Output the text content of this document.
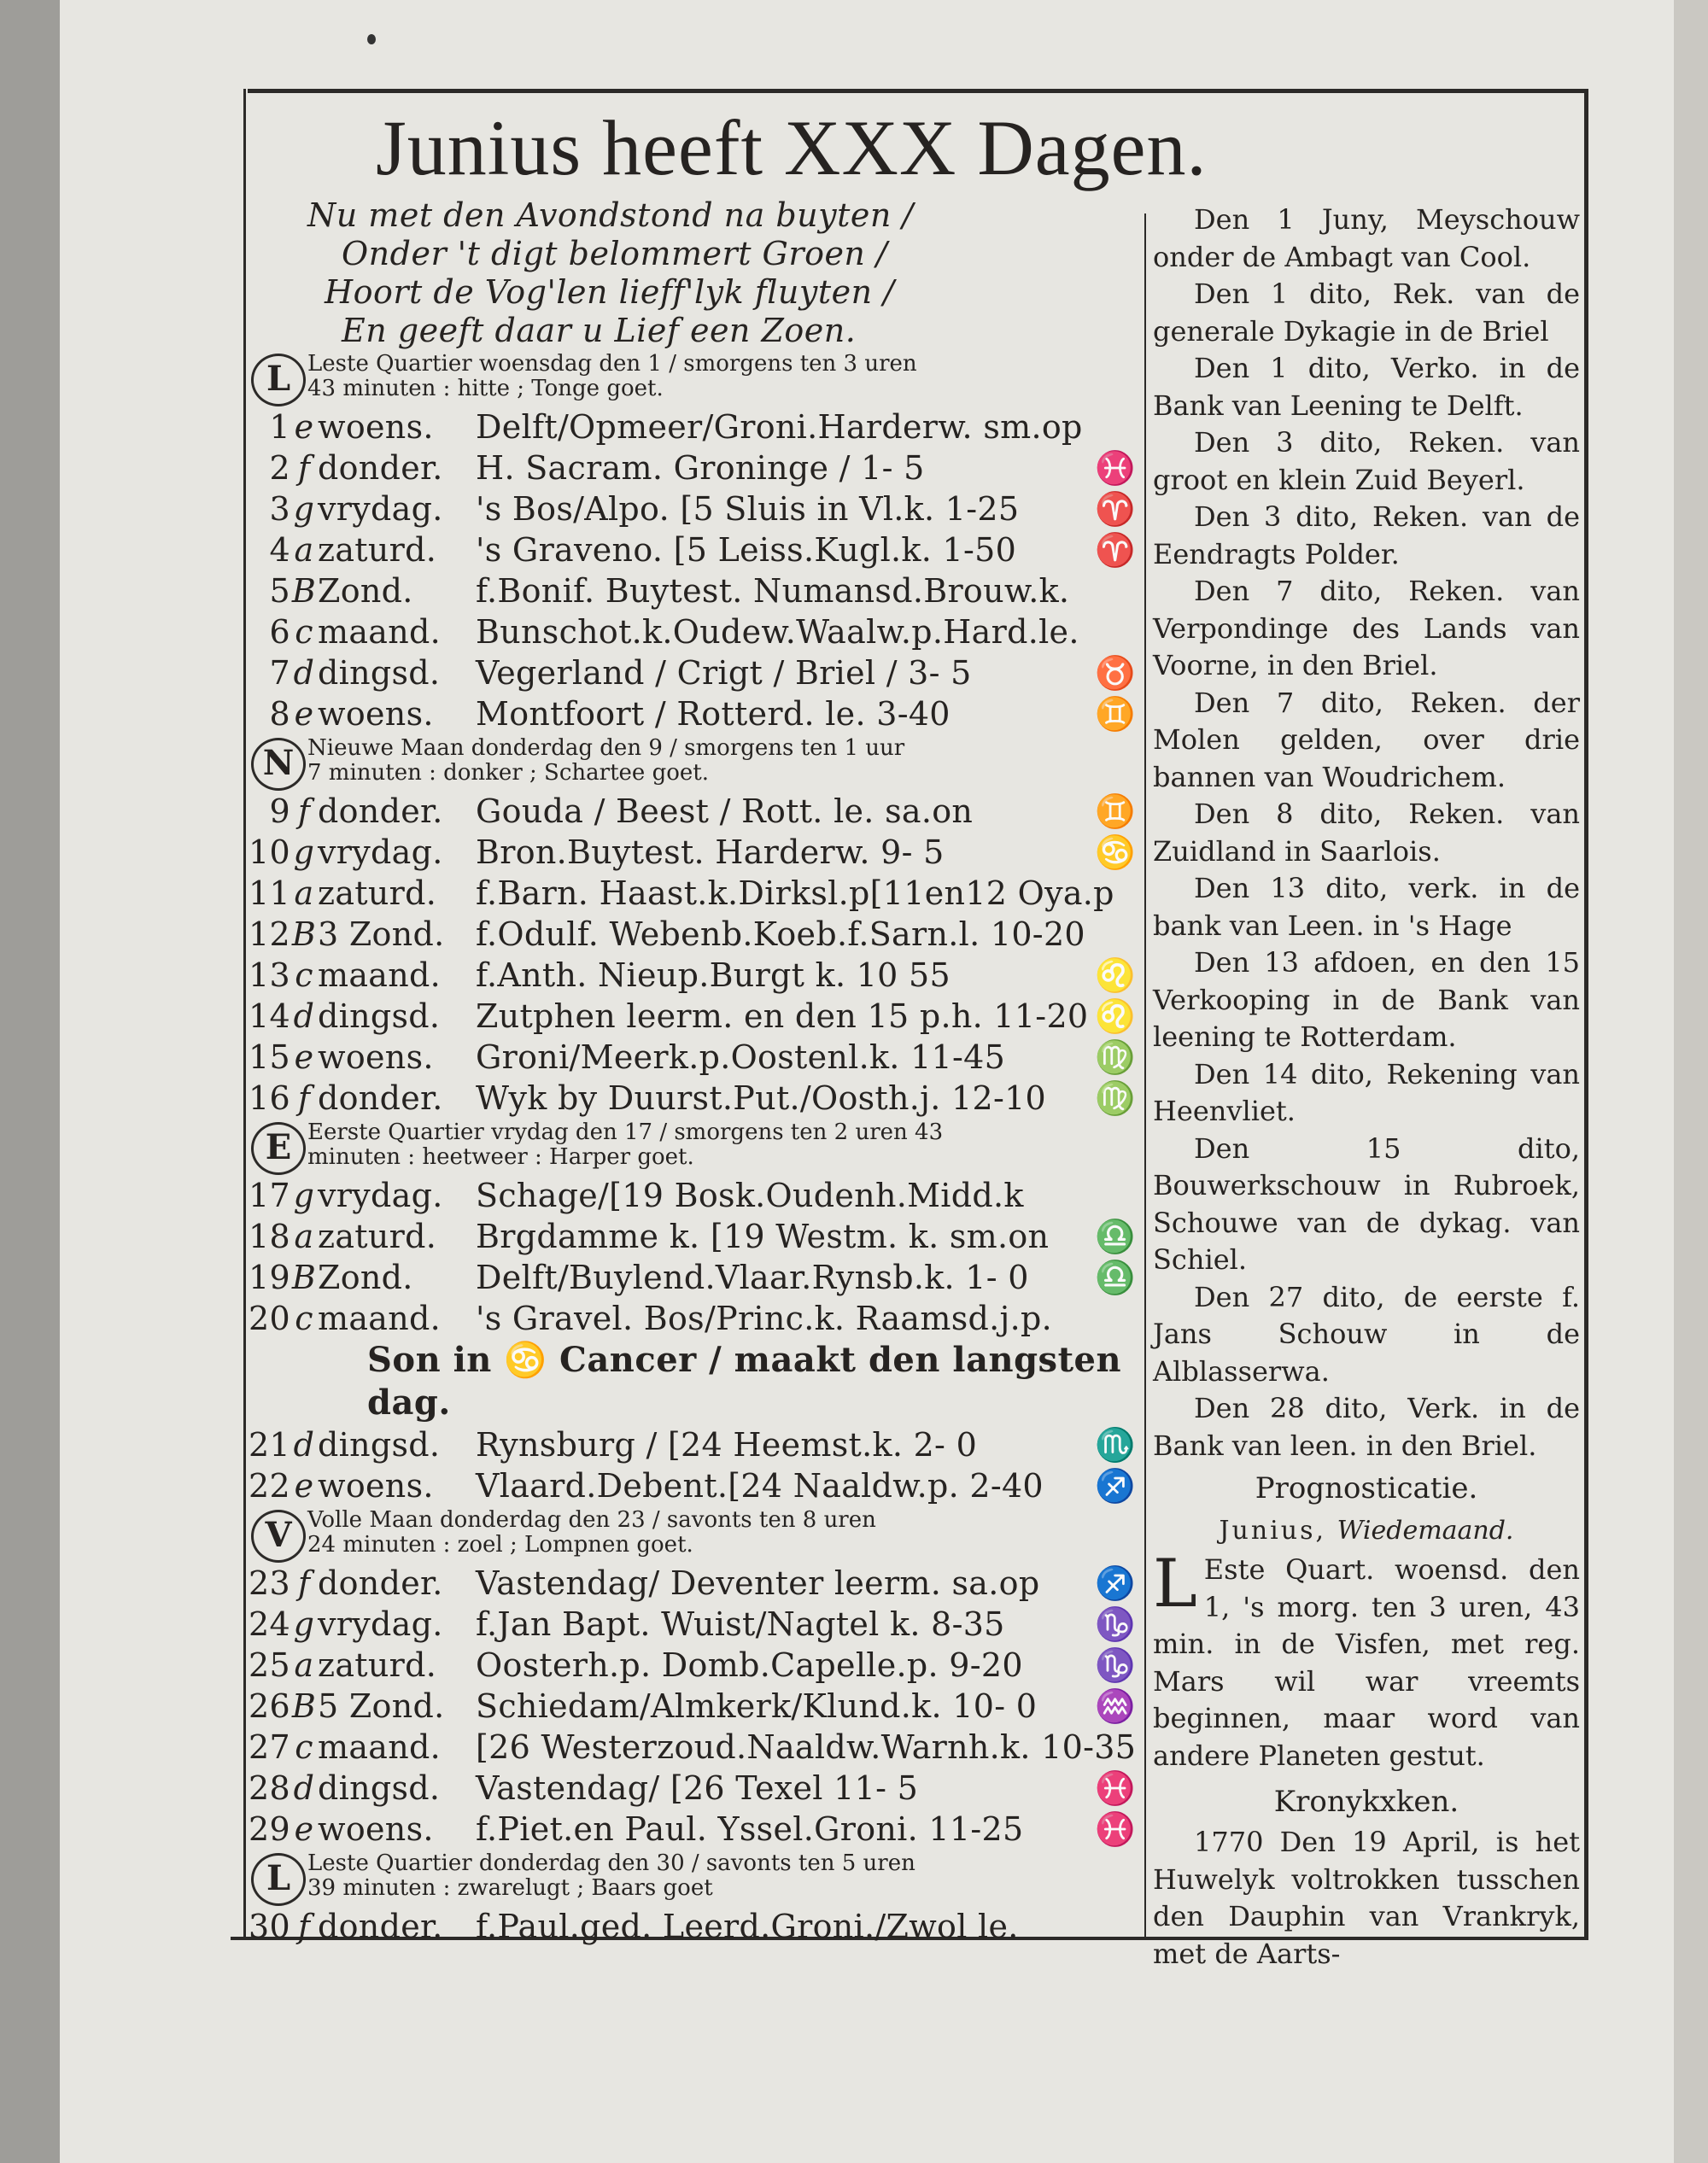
Junius heeft XXX Dagen.
Nu met den Avondstond na buyten /
Onder 't digt belommert Groen /
Hoort de Vog'len lieff'lyk fluyten /
En geeft daar u Lief een Zoen.
L Leste Quartier woensdag den 1 / smorgens ten 3 uren
43 minuten : hitte ; Tonge goet.
1 e woens. Delft/Opmeer/Groni.Harderw. sm.op
2 f donder. H. Sacram. Groninge / 1- 5	♓
3gvrydag. 's Bos/Alpo. [5 Sluis in Vl.k. 1-25 ♈
4 a zaturd. 's Graveno. [5 Leiss.Kugl.k. 1-50 ♈
5BZond. f.Bonif. Buytest. Numansd.Brouw.k.
6 c maand. Bunschot.k.Oudew.Waalw.p.Hard.le.
7ddingsd. Vegerland / Crigt / Briel / 3- 5	♉
8 e woens. Montfoort / Rotterd. le. 3-40	♊
N Nieuwe Maan donderdag den 9 / smorgens ten 1 uur
7 minuten : donker ; Schartee goet.
9 f donder. Gouda / Beest / Rott. le. sa.on	♊
10gvrydag. Bron.Buytest. Harderw. 9- 5	♋
11 a zaturd. f.Barn. Haast.k.Dirksl.p[11en12 Oya.p
12B3 Zond. f.Odulf. Webenb.Koeb.f.Sarn.l. 10-20
13 c maand. f.Anth. Nieup.Burgt k. 10 55	♌
14ddingsd. Zutphen leerm. en den 15 p.h. 11-20 ♌
15 e woens. Groni/Meerk.p.Oostenl.k. 11-45	♍
16 f donder. Wyk by Duurst.Put./Oosth.j. 12-10 ♍
E Eerste Quartier vrydag den 17 / smorgens ten 2 uren 43
minuten : heetweer : Harper goet.
17gvrydag. Schage/[19 Bosk.Oudenh.Midd.k
18 a zaturd. Brgdamme k. [19 Westm. k. sm.on ♎
19BZond. Delft/Buylend.Vlaar.Rynsb.k. 1- 0 ♎
20 c maand. 's Gravel. Bos/Princ.k. Raamsd.j.p.
Son in ♋ Cancer / maakt den langsten dag.
21ddingsd. Rynsburg / [24 Heemst.k. 2- 0	♏
22 e woens. Vlaard.Debent.[24 Naaldw.p. 2-40 ♐
V Volle Maan donderdag den 23 / savonts ten 8 uren
24 minuten : zoel ; Lompnen goet.
23 f donder. Vastendag/ Deventer leerm. sa.op ♐
24gvrydag. f.Jan Bapt. Wuist/Nagtel k. 8-35	♑
25 a zaturd. Oosterh.p. Domb.Capelle.p. 9-20 ♑
26B5 Zond. Schiedam/Almkerk/Klund.k. 10- 0 ♒
27 c maand. [26 Westerzoud.Naaldw.Warnh.k. 10-35
28ddingsd. Vastendag/ [26 Texel 11- 5	♓
29 e woens. f.Piet.en Paul. Yssel.Groni. 11-25 ♓
L Leste Quartier donderdag den 30 / savonts ten 5 uren
39 minuten : zwarelugt ; Baars goet
30 f donder. f.Paul.ged. Leerd.Groni./Zwol le.

Den 1 Juny, Meyschouw onder de Ambagt van Cool.

Den 1 dito, Rek. van de generale Dykagie in de Briel

Den 1 dito, Verko. in de Bank van Leening te Delft.

Den 3 dito, Reken. van groot en klein Zuid Beyerl.

Den 3 dito, Reken. van de Eendragts Polder.

Den 7 dito, Reken. van Verpondinge des Lands van Voorne, in den Briel.

Den 7 dito, Reken. der Molen gelden, over drie bannen van Woudrichem.

Den 8 dito, Reken. van Zuidland in Saarlois.

Den 13 dito, verk. in de bank van Leen. in 's Hage

Den 13 afdoen, en den 15 Verkooping in de Bank van leening te Rotterdam.

Den 14 dito, Rekening van Heenvliet.

Den 15 dito, Bouwerkschouw in Rubroek, Schouwe van de dykag. van Schiel.

Den 27 dito, de eerste f. Jans Schouw in de Alblasserwa.

Den 28 dito, Verk. in de Bank van leen. in den Briel.

Prognosticatie.
Junius, Wiedemaand.
L Este Quart. woensd. den 1, 's morg. ten 3 uren, 43 min. in de Visfen, met reg. Mars wil war vreemts beginnen, maar word van andere Planeten gestut.
Kronykxken.
1770 Den 19 April, is het Huwelyk voltrokken tusschen den Dauphin van Vrankryk, met de Aarts-
